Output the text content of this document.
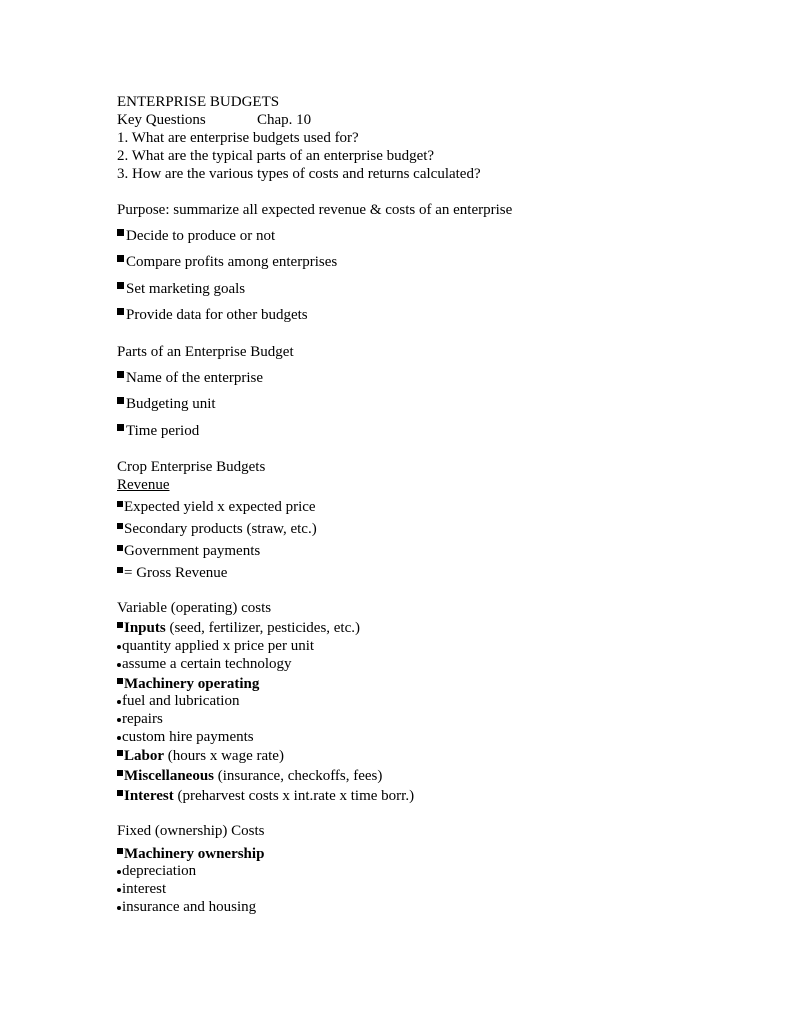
ENTERPRISE BUDGETS
Key Questions	Chap. 10
1. What are enterprise budgets used for?
2. What are the typical parts of an enterprise budget?
3. How are the various types of costs and returns calculated?
Purpose: summarize all expected revenue & costs of an enterprise
Decide to produce or not
Compare profits among enterprises
Set marketing goals
Provide data for other budgets
Parts of an Enterprise Budget
Name of the enterprise
Budgeting unit
Time period
Crop Enterprise Budgets
Revenue
Expected yield x expected price
Secondary products (straw, etc.)
Government payments
= Gross Revenue
Variable (operating) costs
Inputs (seed, fertilizer, pesticides, etc.)
quantity applied x price per unit
assume a certain technology
Machinery operating
fuel and lubrication
repairs
custom hire payments
Labor (hours x wage rate)
Miscellaneous (insurance, checkoffs, fees)
Interest (preharvest costs x int.rate x time borr.)
Fixed (ownership) Costs
Machinery ownership
depreciation
interest
insurance and housing
